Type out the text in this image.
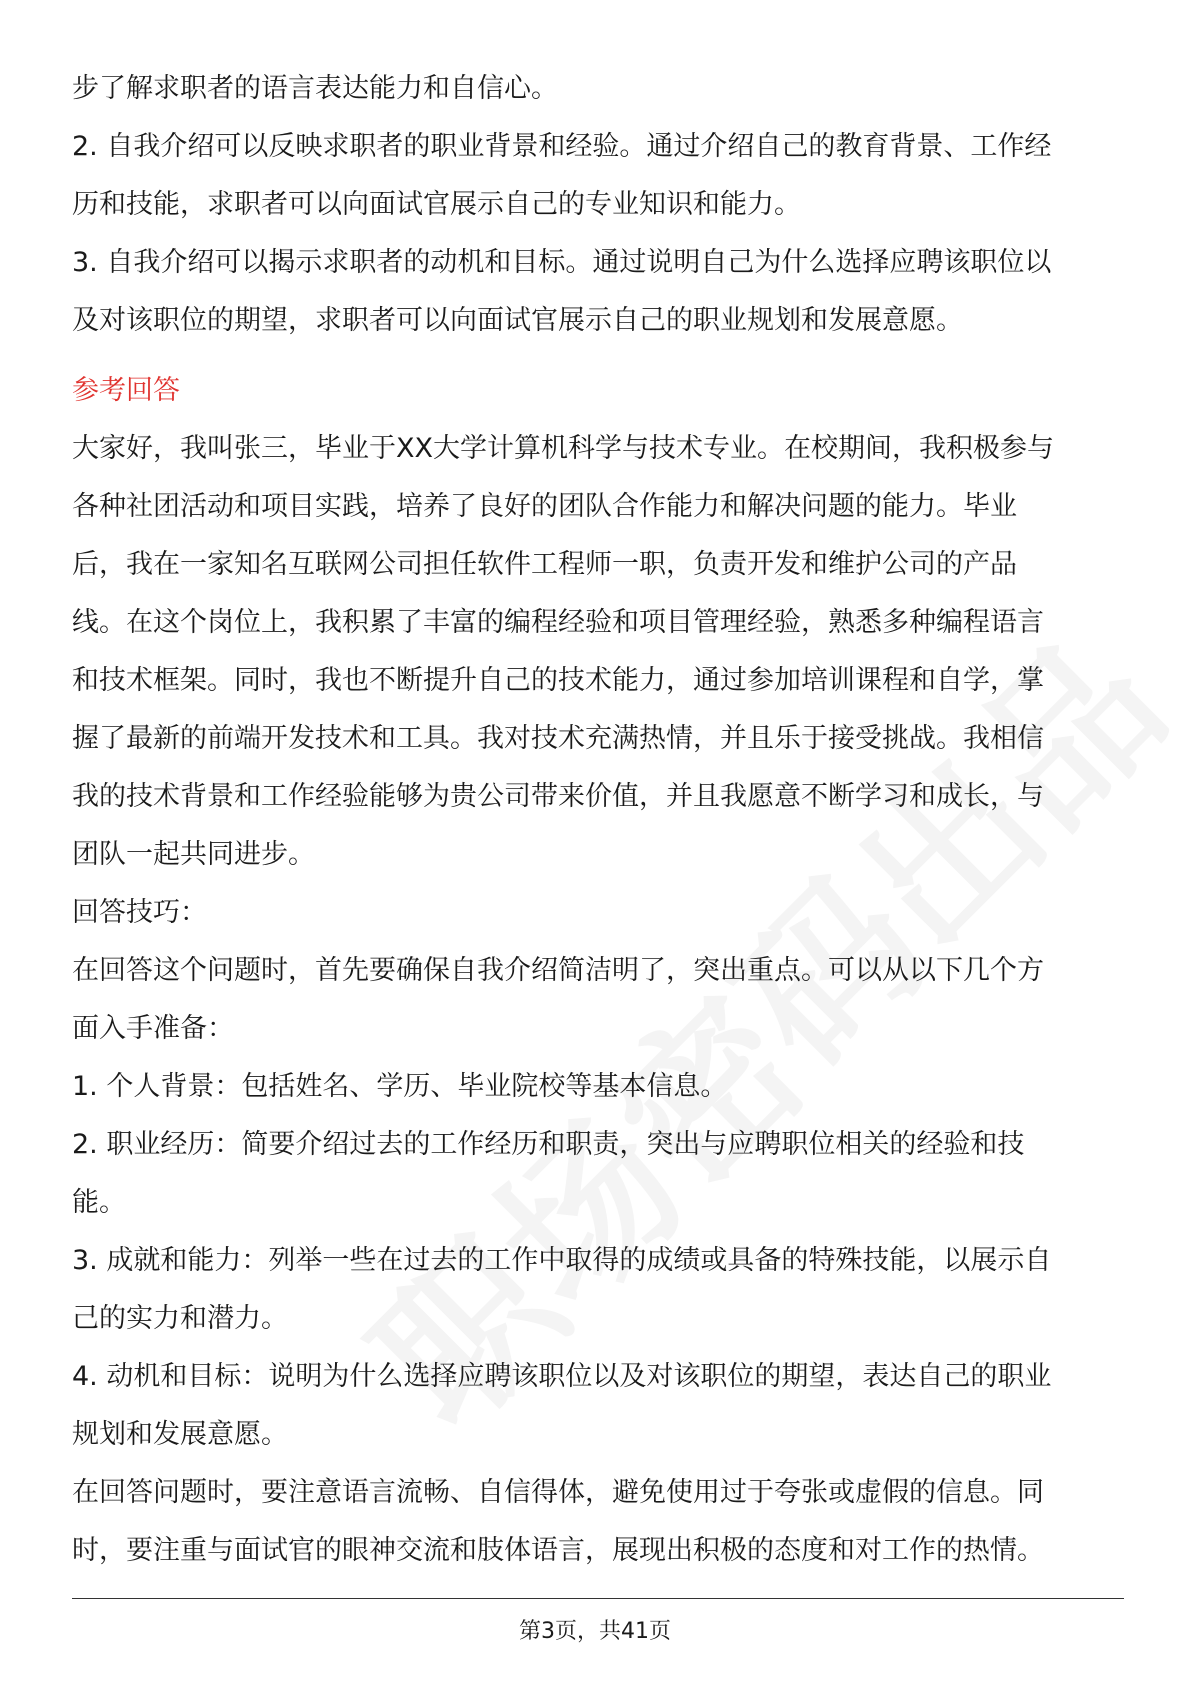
步了解求职者的语言表达能力和自信心。
2. 自我介绍可以反映求职者的职业背景和经验。通过介绍自己的教育背景、工作经
历和技能，求职者可以向面试官展示自己的专业知识和能力。
3. 自我介绍可以揭示求职者的动机和目标。通过说明自己为什么选择应聘该职位以
及对该职位的期望，求职者可以向面试官展示自己的职业规划和发展意愿。
参考回答
大家好，我叫张三，毕业于XX大学计算机科学与技术专业。在校期间，我积极参与
各种社团活动和项目实践，培养了良好的团队合作能力和解决问题的能力。毕业
后，我在一家知名互联网公司担任软件工程师一职，负责开发和维护公司的产品
线。在这个岗位上，我积累了丰富的编程经验和项目管理经验，熟悉多种编程语言
和技术框架。同时，我也不断提升自己的技术能力，通过参加培训课程和自学，掌
握了最新的前端开发技术和工具。我对技术充满热情，并且乐于接受挑战。我相信
我的技术背景和工作经验能够为贵公司带来价值，并且我愿意不断学习和成长，与
团队一起共同进步。
回答技巧：
在回答这个问题时，首先要确保自我介绍简洁明了，突出重点。可以从以下几个方
面入手准备：
1. 个人背景：包括姓名、学历、毕业院校等基本信息。
2. 职业经历：简要介绍过去的工作经历和职责，突出与应聘职位相关的经验和技
能。
3. 成就和能力：列举一些在过去的工作中取得的成绩或具备的特殊技能，以展示自
己的实力和潜力。
4. 动机和目标：说明为什么选择应聘该职位以及对该职位的期望，表达自己的职业
规划和发展意愿。
在回答问题时，要注意语言流畅、自信得体，避免使用过于夸张或虚假的信息。同
时，要注重与面试官的眼神交流和肢体语言，展现出积极的态度和对工作的热情。
第3页，共41页
